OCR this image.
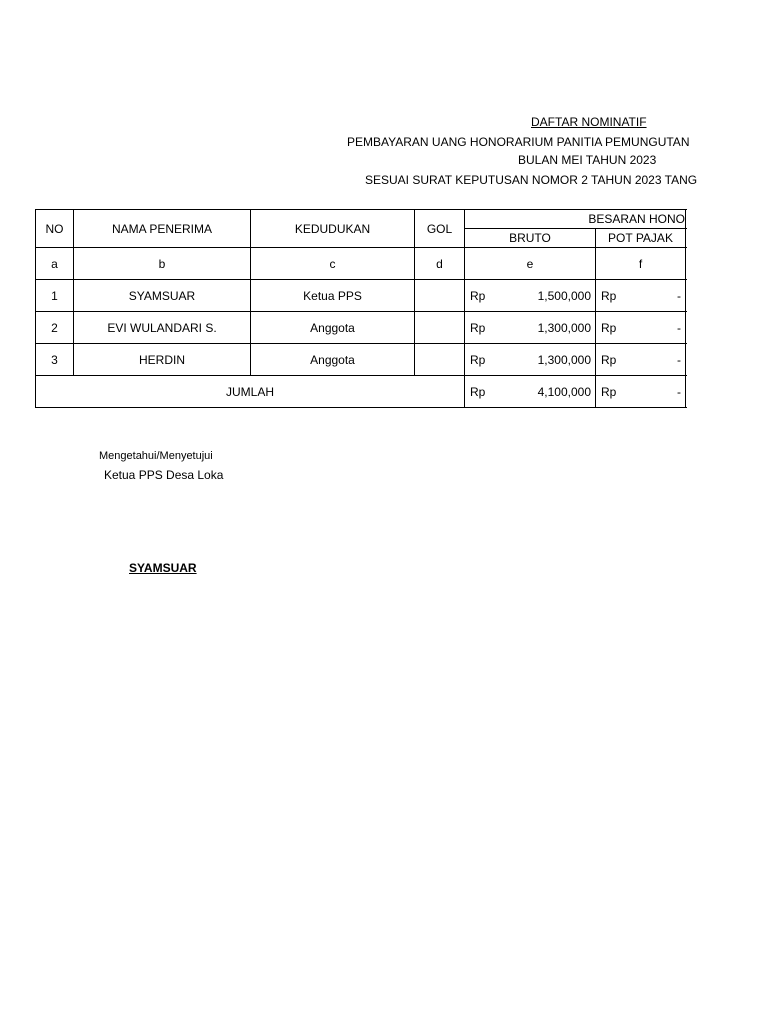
DAFTAR NOMINATIF
PEMBAYARAN UANG HONORARIUM PANITIA PEMUNGUTAN
BULAN MEI TAHUN 2023
SESUAI SURAT KEPUTUSAN NOMOR 2 TAHUN 2023 TANG
NO	NAMA PENERIMA	KEDUDUKAN	GOL	BESARAN HONO		
				BRUTO	POT PAJAK	
a	b	c	d	e	f	
1	SYAMSUAR	Ketua PPS		Rp 1,500,000	Rp -	

2	EVI WULANDARI S.	Anggota		Rp 1,300,000	Rp -	

3	HERDIN	Anggota		Rp 1,300,000	Rp -	

JUMLAH				Rp 4,100,000	Rp -	

Mengetahui/Menyetujui
Ketua PPS Desa Loka
SYAMSUAR
